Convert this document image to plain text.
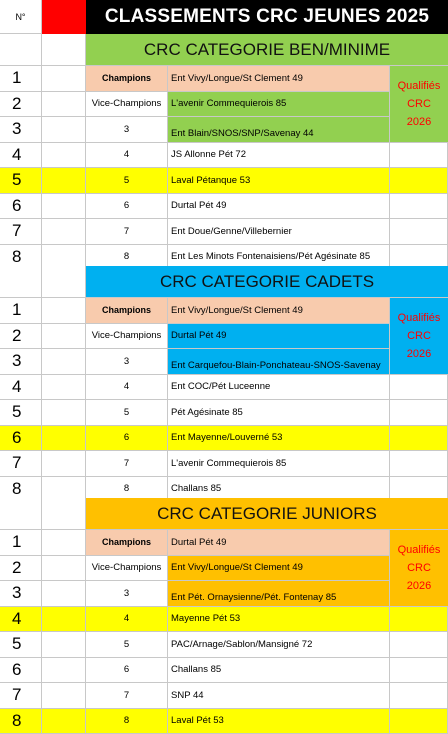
N°	CLASSEMENTS CRC JEUNES 2025
CRC CATEGORIE BEN/MINIME
1	Champions	Ent Vivy/Longue/St Clement 49
2	Vice-Champions	L'avenir Commequierois 85
3	3	Ent Blain/SNOS/SNP/Savenay 44
4	4	JS Allonne Pét 72
5	5	Laval Pétanque 53
6	6	Durtal Pét 49
7	7	Ent Doue/Genne/Villebernier
8	8	Ent Les Minots Fontenaisiens/Pét Agésinate 85
Qualifiés
CRC
2026
CRC CATEGORIE CADETS
1	Champions	Ent Vivy/Longue/St Clement 49
2	Vice-Champions	Durtal Pét 49
3	3	Ent Carquefou-Blain-Ponchateau-SNOS-Savenay
4	4	Ent COC/Pét Luceenne
5	5	Pét Agésinate 85
6	6	Ent Mayenne/Louverné 53
7	7	L'avenir Commequierois 85
8	8	Challans 85
Qualifiés
CRC
2026
CRC CATEGORIE JUNIORS
1	Champions	Durtal Pét 49
2	Vice-Champions	Ent Vivy/Longue/St Clement 49
3	3	Ent Pét. Ornaysienne/Pét. Fontenay 85
4	4	Mayenne Pét 53
5	5	PAC/Arnage/Sablon/Mansigné 72
6	6	Challans 85
7	7	SNP 44
8	8	Laval Pét 53
Qualifiés
CRC
2026
